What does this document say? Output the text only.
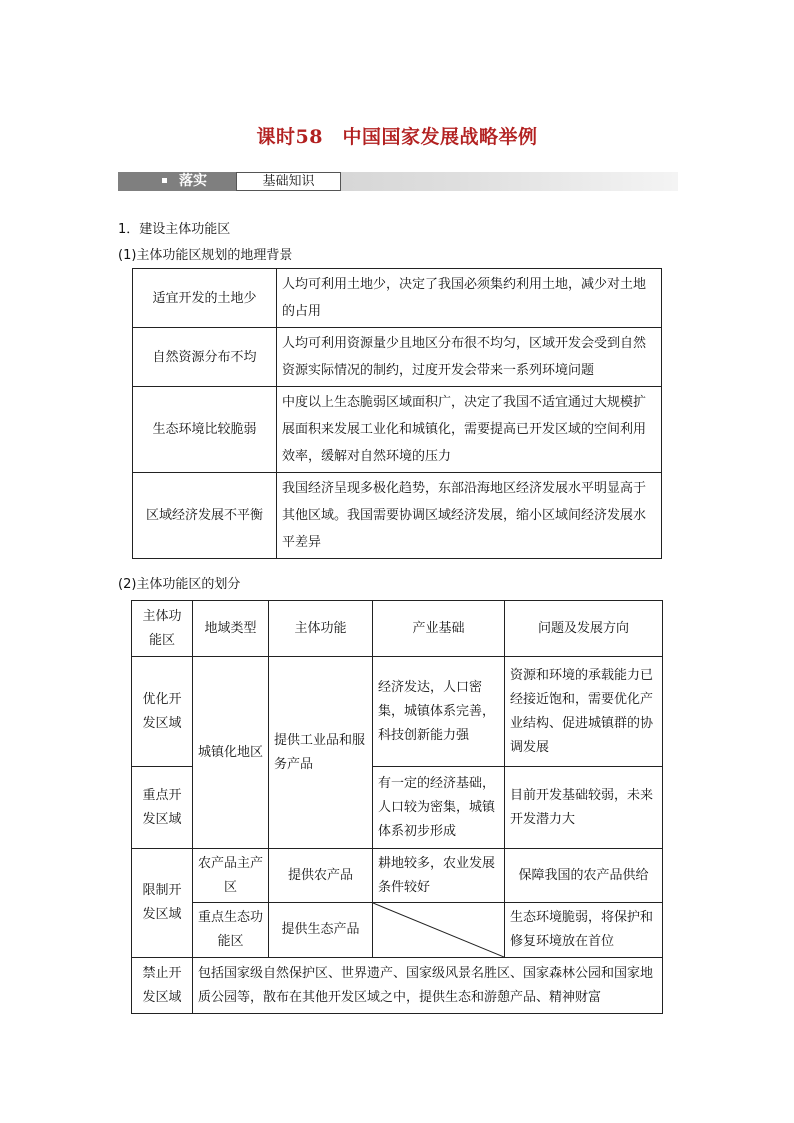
课时58　中国国家发展战略举例
落实	基础知识
1．建设主体功能区
(1)主体功能区规划的地理背景
适宜开发的土地少	人均可利用土地少，决定了我国必须集约利用土地，减少对土地的占用
自然资源分布不均	人均可利用资源量少且地区分布很不均匀，区域开发会受到自然资源实际情况的制约，过度开发会带来一系列环境问题
生态环境比较脆弱	中度以上生态脆弱区域面积广，决定了我国不适宜通过大规模扩展面积来发展工业化和城镇化，需要提高已开发区域的空间利用效率，缓解对自然环境的压力
区域经济发展不平衡	我国经济呈现多极化趋势，东部沿海地区经济发展水平明显高于其他区域。我国需要协调区域经济发展，缩小区域间经济发展水平差异
(2)主体功能区的划分
主体功能区	地域类型	主体功能	产业基础	问题及发展方向
优化开发区域	城镇化地区	提供工业品和服务产品	经济发达，人口密集，城镇体系完善，科技创新能力强	资源和环境的承载能力已经接近饱和，需要优化产业结构、促进城镇群的协调发展
重点开发区域			有一定的经济基础，人口较为密集，城镇体系初步形成	目前开发基础较弱，未来开发潜力大
限制开发区域	农产品主产区	提供农产品	耕地较多，农业发展条件较好	保障我国的农产品供给
	重点生态功能区	提供生态产品		生态环境脆弱，将保护和修复环境放在首位
禁止开发区域	包括国家级自然保护区、世界遗产、国家级风景名胜区、国家森林公园和国家地质公园等，散布在其他开发区域之中，提供生态和游憩产品、精神财富			
